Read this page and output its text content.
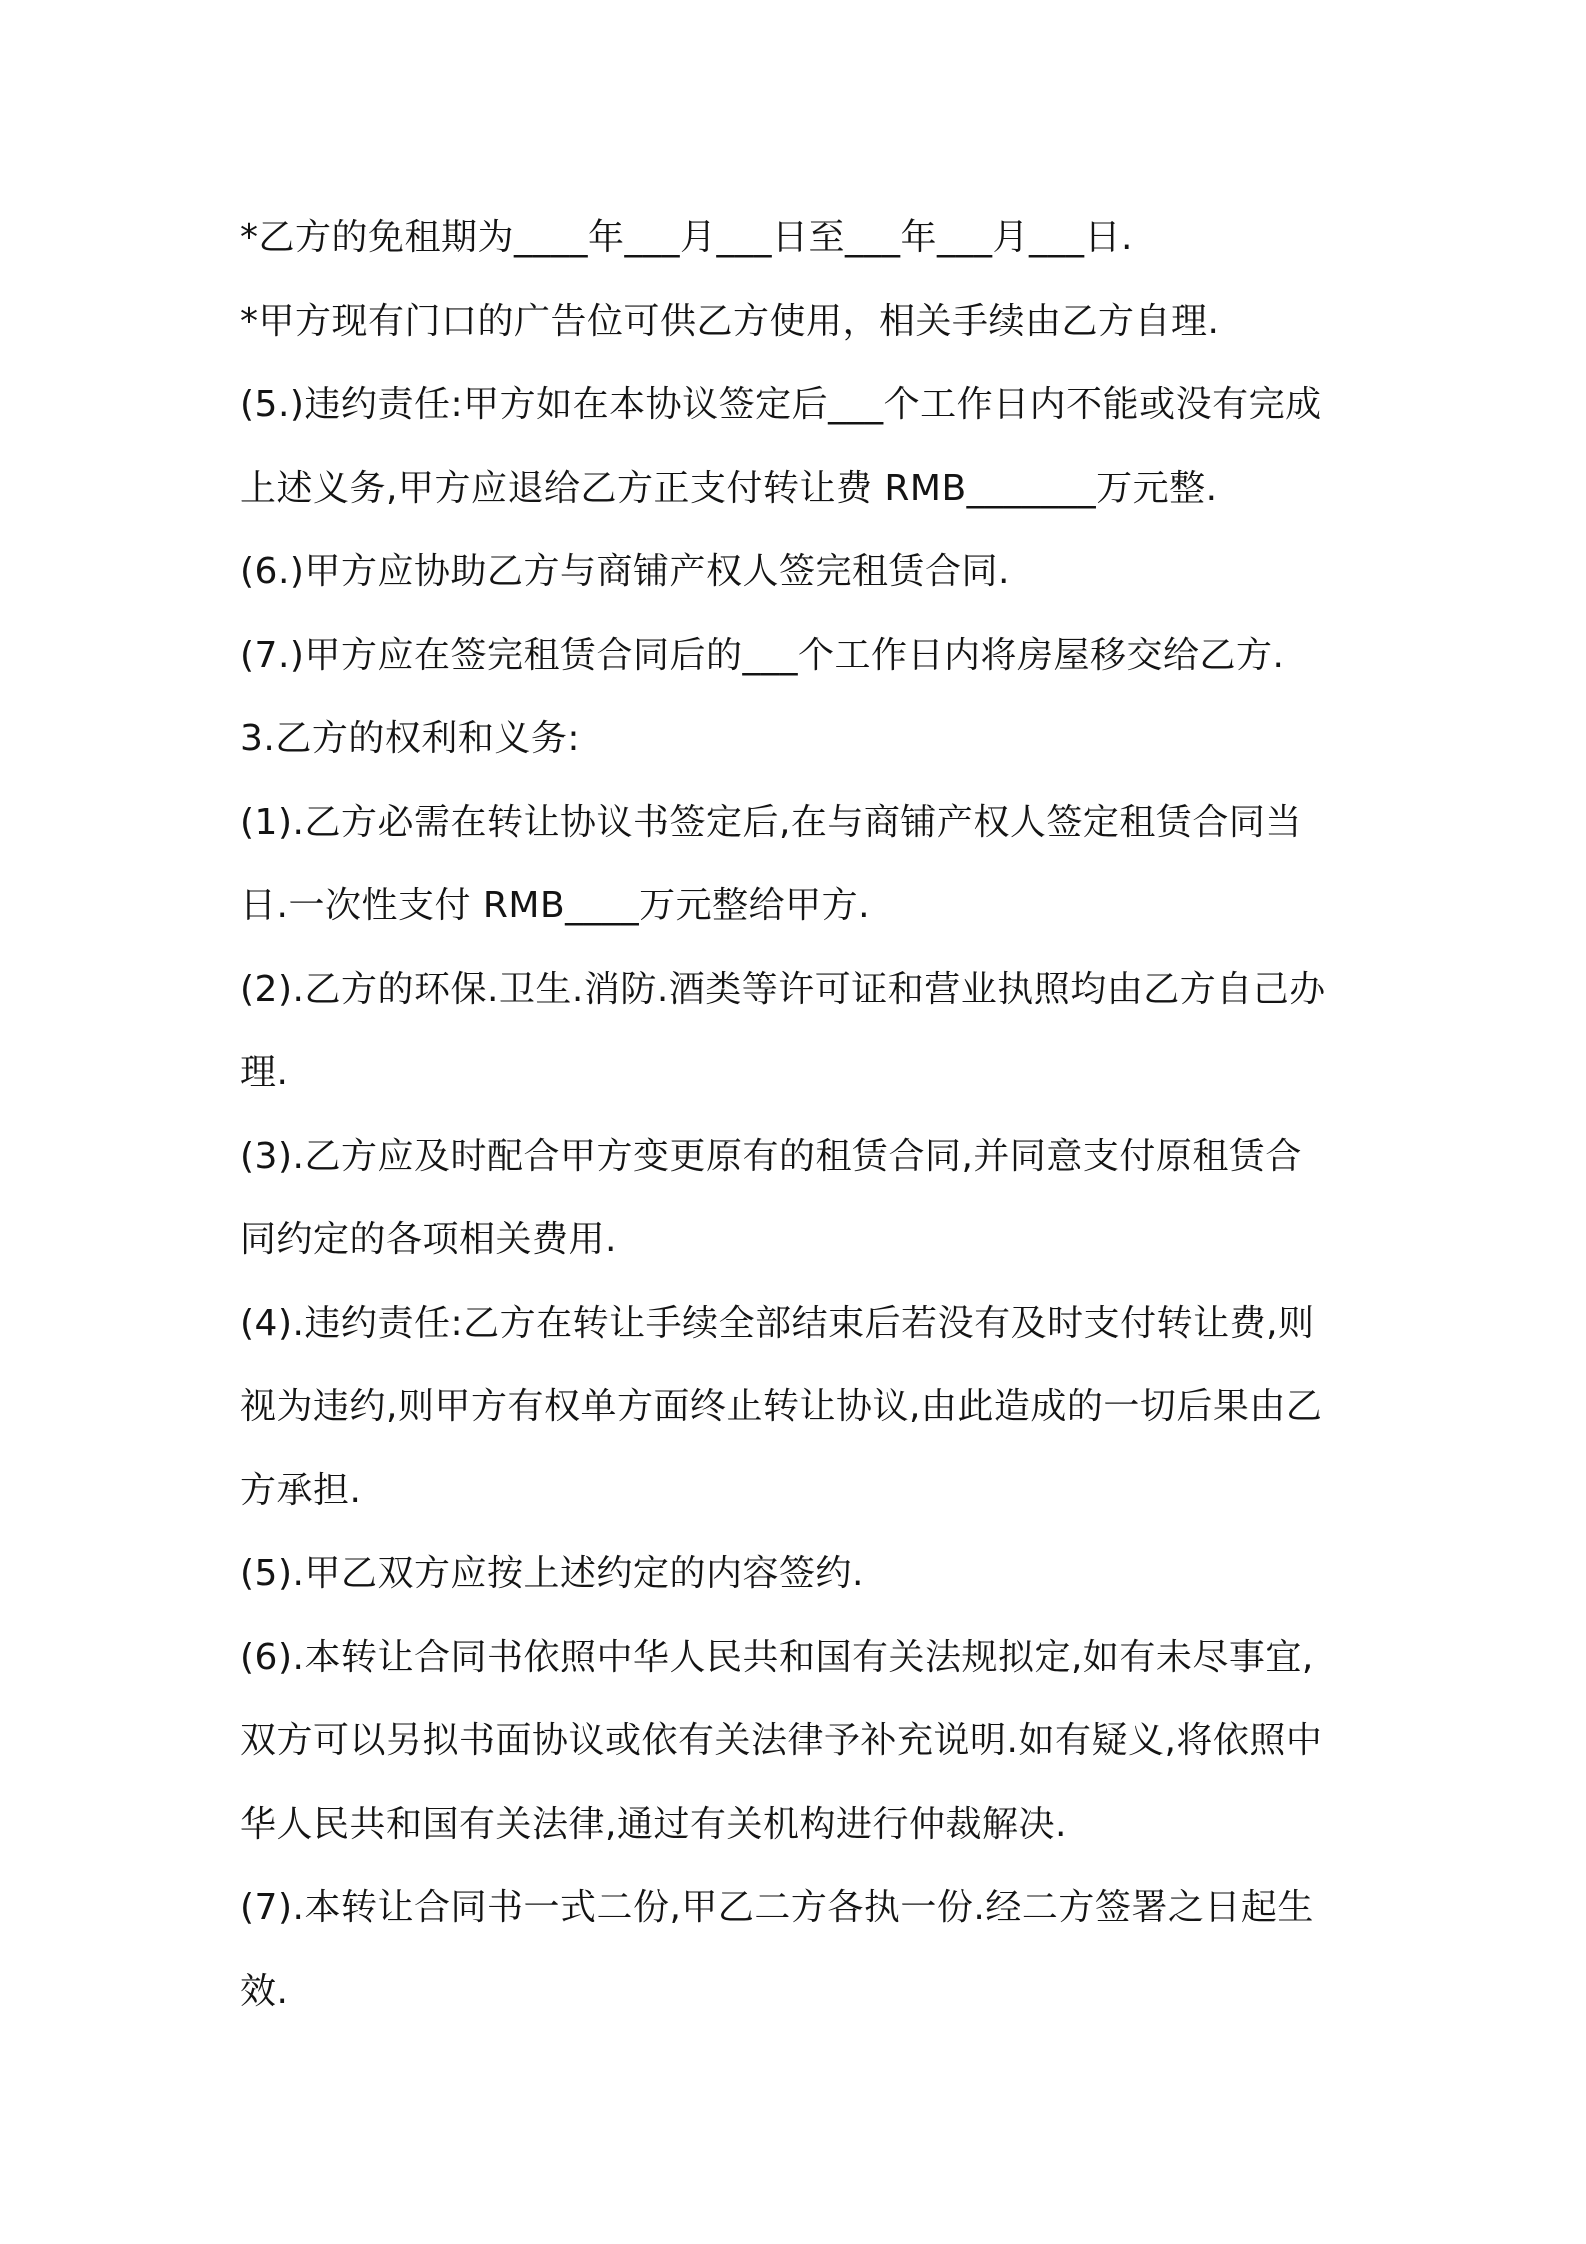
*乙方的免租期为____年___月___日至___年___月___日.
*甲方现有门口的广告位可供乙方使用，相关手续由乙方自理.
(5.)违约责任:甲方如在本协议签定后___个工作日内不能或没有完成
上述义务,甲方应退给乙方正支付转让费 RMB_______万元整.
(6.)甲方应协助乙方与商铺产权人签完租赁合同.
(7.)甲方应在签完租赁合同后的___个工作日内将房屋移交给乙方.
3.乙方的权利和义务:
(1).乙方必需在转让协议书签定后,在与商铺产权人签定租赁合同当
日.一次性支付 RMB____万元整给甲方.
(2).乙方的环保.卫生.消防.酒类等许可证和营业执照均由乙方自己办
理.
(3).乙方应及时配合甲方变更原有的租赁合同,并同意支付原租赁合
同约定的各项相关费用.
(4).违约责任:乙方在转让手续全部结束后若没有及时支付转让费,则
视为违约,则甲方有权单方面终止转让协议,由此造成的一切后果由乙
方承担.
(5).甲乙双方应按上述约定的内容签约.
(6).本转让合同书依照中华人民共和国有关法规拟定,如有未尽事宜,
双方可以另拟书面协议或依有关法律予补充说明.如有疑义,将依照中
华人民共和国有关法律,通过有关机构进行仲裁解决.
(7).本转让合同书一式二份,甲乙二方各执一份.经二方签署之日起生
效.
